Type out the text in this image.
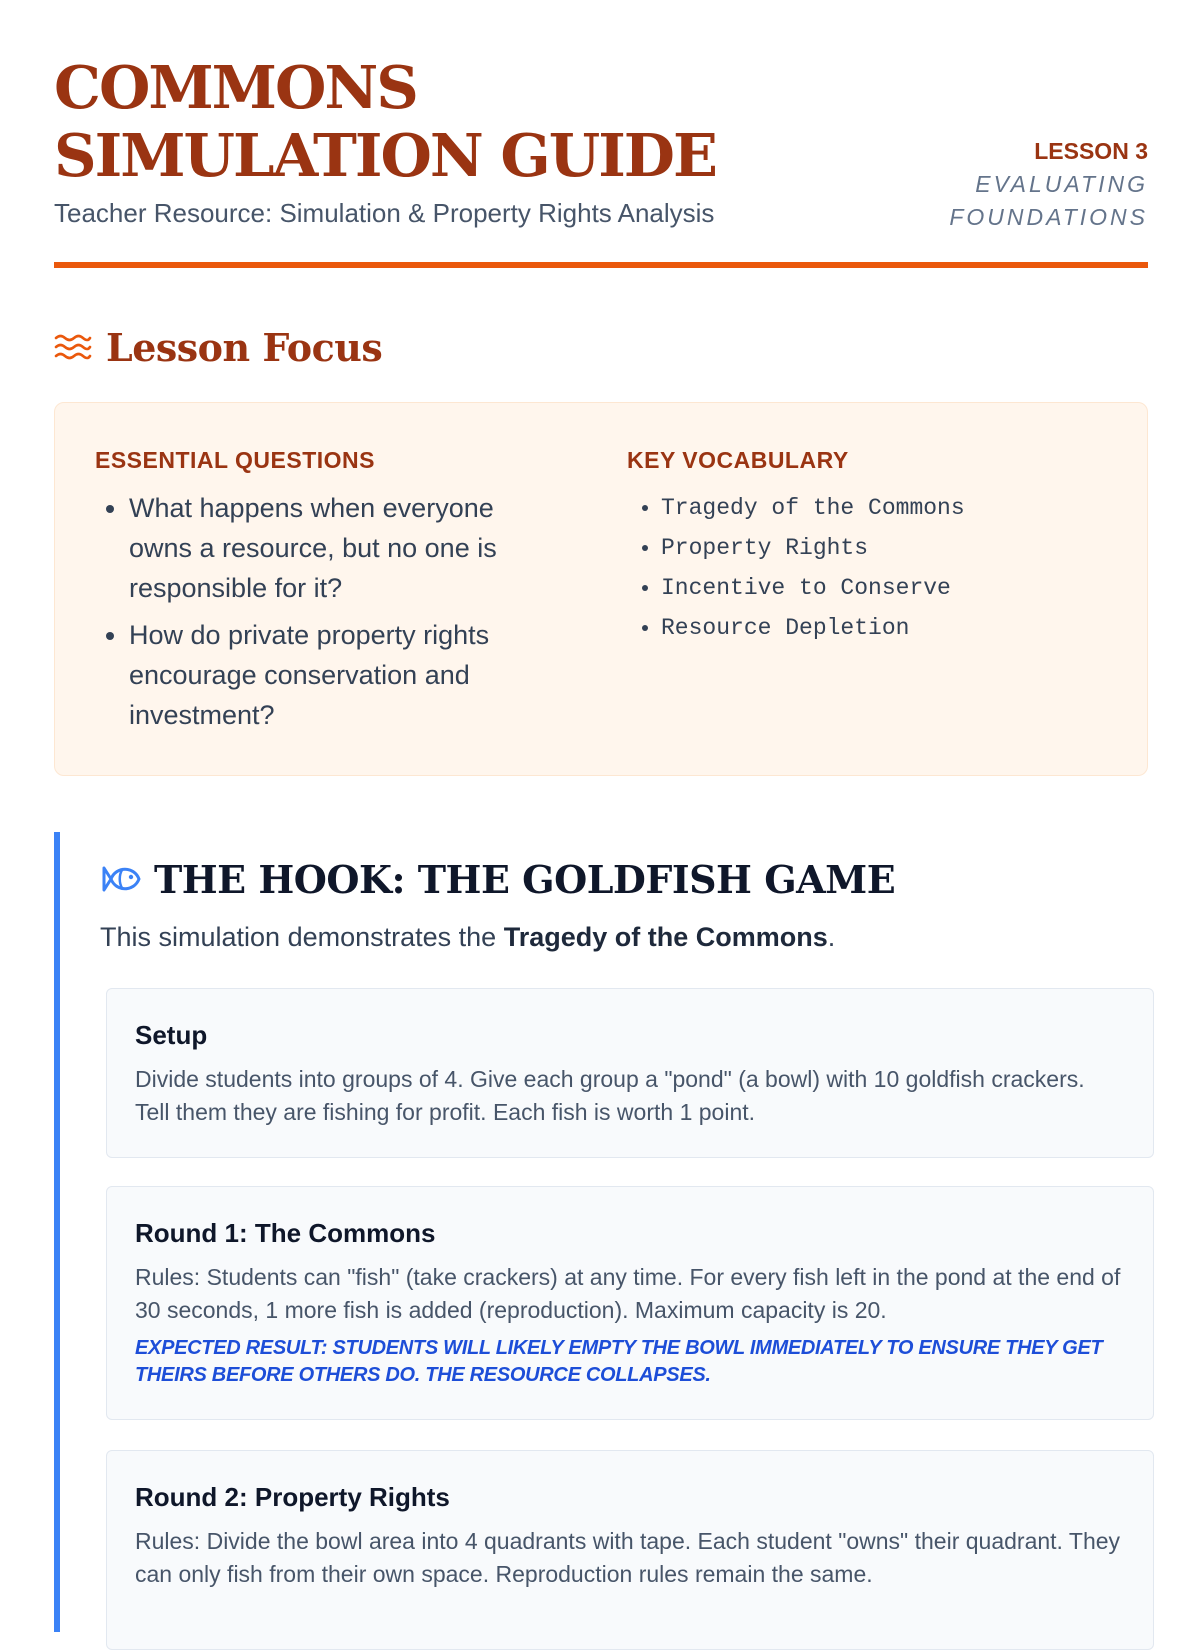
COMMONS SIMULATION GUIDE
Teacher Resource: Simulation & Property Rights Analysis
LESSON 3
EVALUATING FOUNDATIONS
Lesson Focus
ESSENTIAL QUESTIONS
• What happens when everyone owns a resource, but no one is responsible for it?
• How do private property rights encourage conservation and investment?
KEY VOCABULARY
• Tragedy of the Commons
• Property Rights
• Incentive to Conserve
• Resource Depletion
THE HOOK: THE GOLDFISH GAME

This simulation demonstrates the Tragedy of the Commons.

Setup

Divide students into groups of 4. Give each group a "pond" (a bowl) with 10 goldfish crackers. Tell them they are fishing for profit. Each fish is worth 1 point.

Round 1: The Commons

Rules: Students can "fish" (take crackers) at any time. For every fish left in the pond at the end of 30 seconds, 1 more fish is added (reproduction). Maximum capacity is 20.

EXPECTED RESULT: STUDENTS WILL LIKELY EMPTY THE BOWL IMMEDIATELY TO ENSURE THEY GET THEIRS BEFORE OTHERS DO. THE RESOURCE COLLAPSES.

Round 2: Property Rights

Rules: Divide the bowl area into 4 quadrants with tape. Each student "owns" their quadrant. They can only fish from their own space. Reproduction rules remain the same.
